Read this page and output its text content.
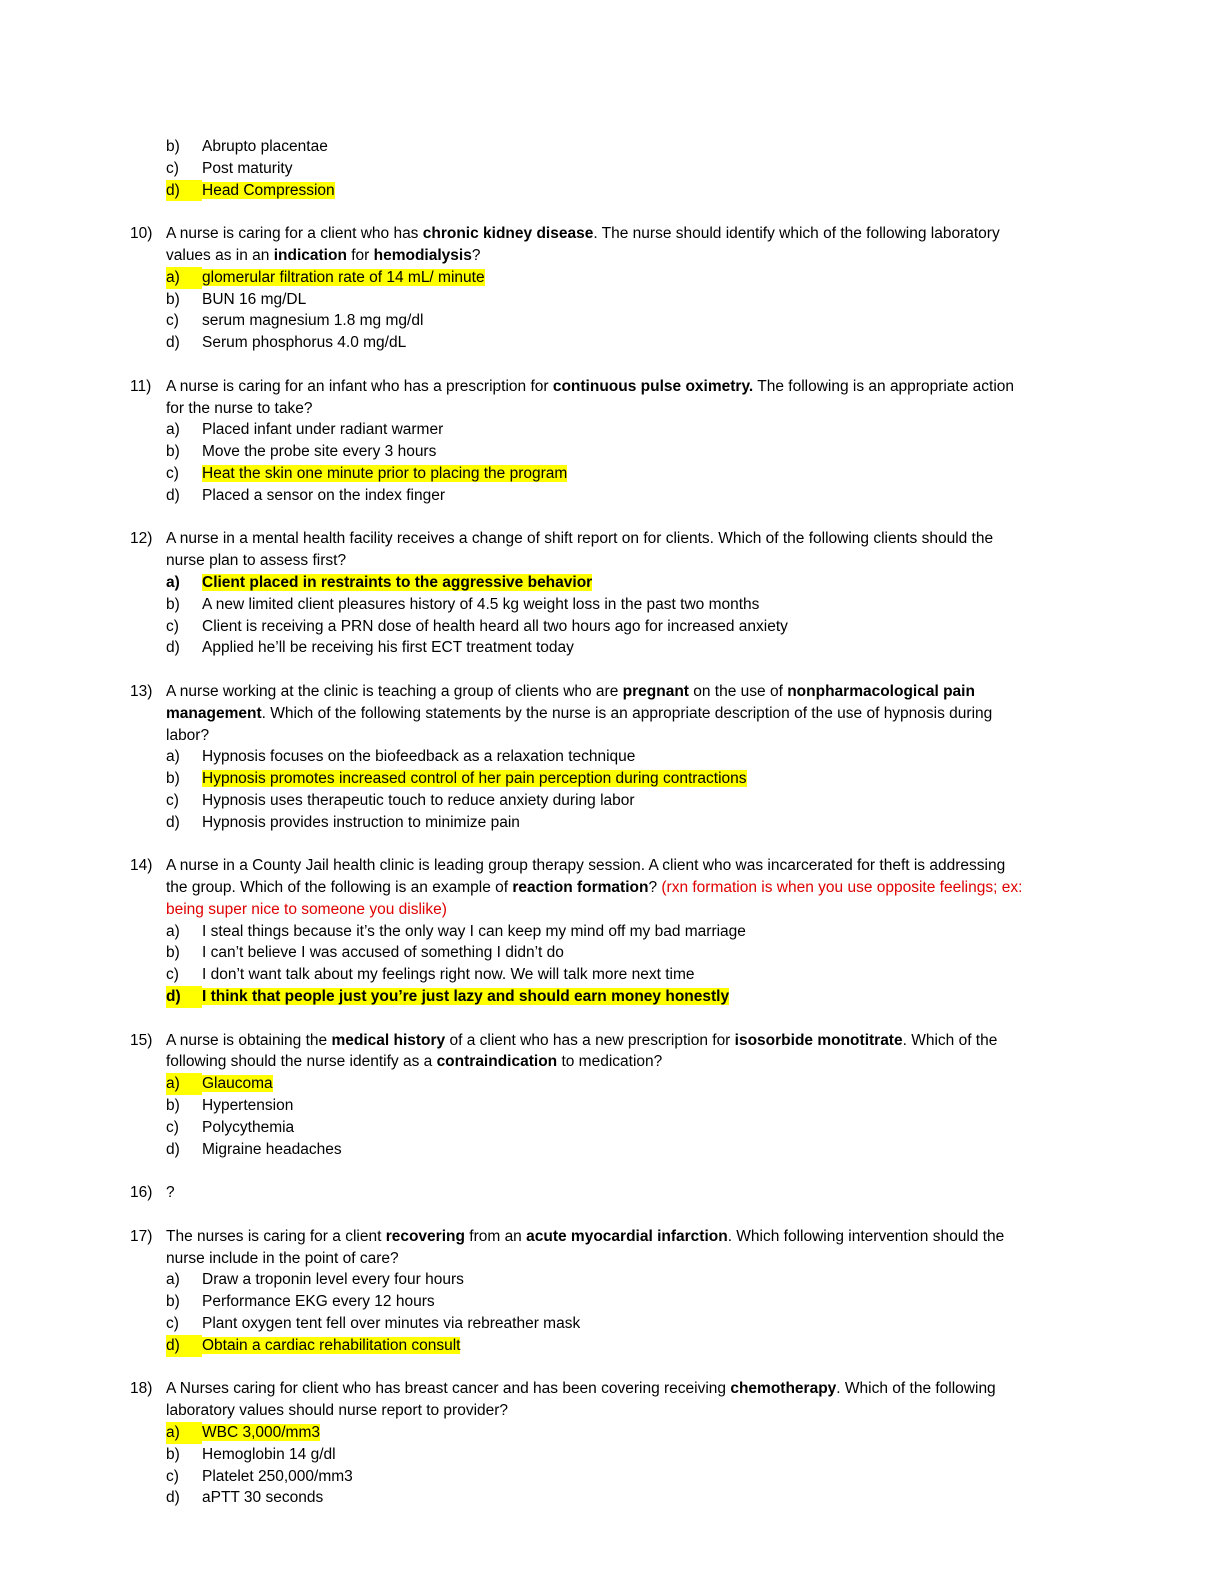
b) Abrupto placentae
c) Post maturity
d) Head Compression
10) A nurse is caring for a client who has chronic kidney disease. The nurse should identify which of the following laboratory
values as in an indication for hemodialysis?
a) glomerular filtration rate of 14 mL/ minute
b) BUN 16 mg/DL
c) serum magnesium 1.8 mg mg/dl
d) Serum phosphorus 4.0 mg/dL
11) A nurse is caring for an infant who has a prescription for continuous pulse oximetry. The following is an appropriate action
for the nurse to take?
a) Placed infant under radiant warmer
b) Move the probe site every 3 hours
c) Heat the skin one minute prior to placing the program
d) Placed a sensor on the index finger
12) A nurse in a mental health facility receives a change of shift report on for clients. Which of the following clients should the
nurse plan to assess first?
a) Client placed in restraints to the aggressive behavior
b) A new limited client pleasures history of 4.5 kg weight loss in the past two months
c) Client is receiving a PRN dose of health heard all two hours ago for increased anxiety
d) Applied he’ll be receiving his first ECT treatment today
13) A nurse working at the clinic is teaching a group of clients who are pregnant on the use of nonpharmacological pain
management. Which of the following statements by the nurse is an appropriate description of the use of hypnosis during
labor?
a) Hypnosis focuses on the biofeedback as a relaxation technique
b) Hypnosis promotes increased control of her pain perception during contractions
c) Hypnosis uses therapeutic touch to reduce anxiety during labor
d) Hypnosis provides instruction to minimize pain
14) A nurse in a County Jail health clinic is leading group therapy session. A client who was incarcerated for theft is addressing
the group. Which of the following is an example of reaction formation? (rxn formation is when you use opposite feelings; ex:
being super nice to someone you dislike)
a) I steal things because it’s the only way I can keep my mind off my bad marriage
b) I can’t believe I was accused of something I didn’t do
c) I don’t want talk about my feelings right now. We will talk more next time
d) I think that people just you’re just lazy and should earn money honestly
15) A nurse is obtaining the medical history of a client who has a new prescription for isosorbide monotitrate. Which of the
following should the nurse identify as a contraindication to medication?
a) Glaucoma
b) Hypertension
c) Polycythemia
d) Migraine headaches
16) ?
17) The nurses is caring for a client recovering from an acute myocardial infarction. Which following intervention should the
nurse include in the point of care?
a) Draw a troponin level every four hours
b) Performance EKG every 12 hours
c) Plant oxygen tent fell over minutes via rebreather mask
d) Obtain a cardiac rehabilitation consult
18) A Nurses caring for client who has breast cancer and has been covering receiving chemotherapy. Which of the following
laboratory values should nurse report to provider?
a) WBC 3,000/mm3
b) Hemoglobin 14 g/dl
c) Platelet 250,000/mm3
d) aPTT 30 seconds
